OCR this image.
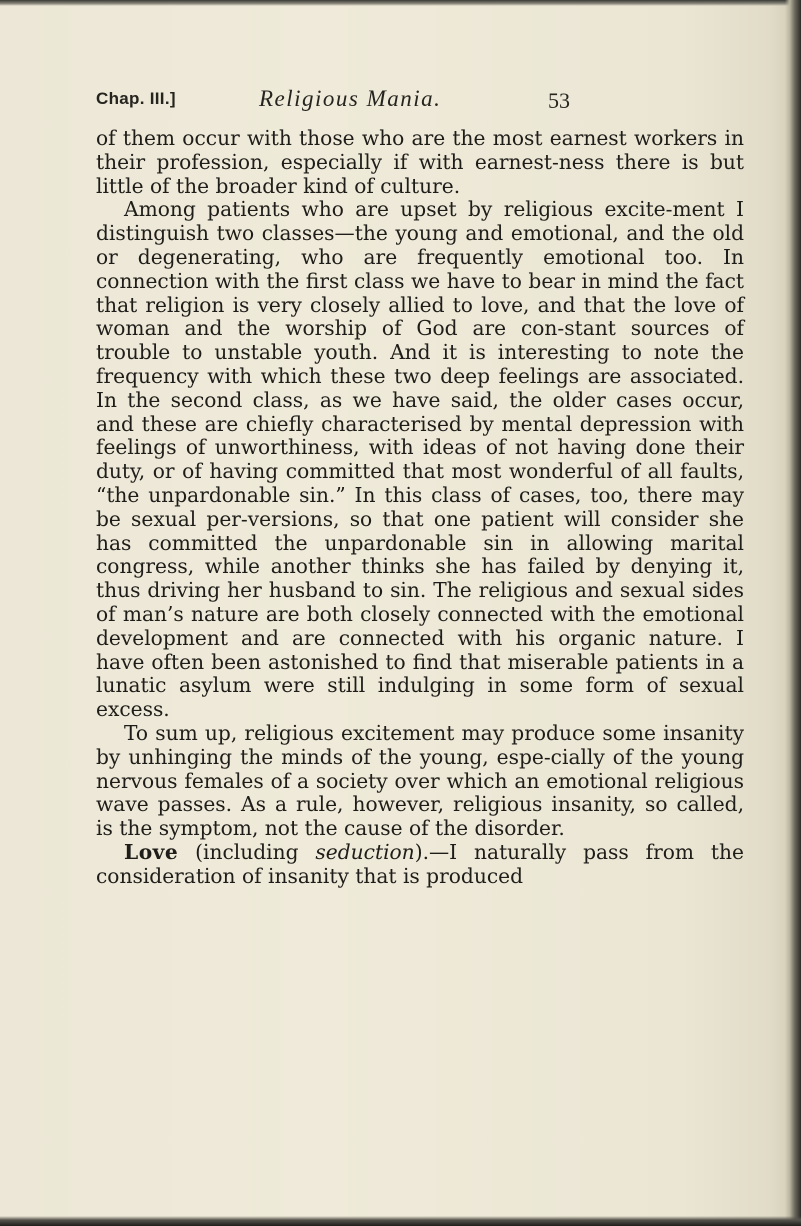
Chap. III.]	Religious Mania.	53

of them occur with those who are the most earnest workers in their profession, especially if with earnest-ness there is but little of the broader kind of culture.

Among patients who are upset by religious excite-ment I distinguish two classes—the young and emotional, and the old or degenerating, who are frequently emotional too. In connection with the first class we have to bear in mind the fact that religion is very closely allied to love, and that the love of woman and the worship of God are con-stant sources of trouble to unstable youth. And it is interesting to note the frequency with which these two deep feelings are associated. In the second class, as we have said, the older cases occur, and these are chiefly characterised by mental depression with feelings of unworthiness, with ideas of not having done their duty, or of having committed that most wonderful of all faults, “the unpardonable sin.” In this class of cases, too, there may be sexual per-versions, so that one patient will consider she has committed the unpardonable sin in allowing marital congress, while another thinks she has failed by denying it, thus driving her husband to sin. The religious and sexual sides of man’s nature are both closely connected with the emotional development and are connected with his organic nature. I have often been astonished to find that miserable patients in a lunatic asylum were still indulging in some form of sexual excess.

To sum up, religious excitement may produce some insanity by unhinging the minds of the young, espe-cially of the young nervous females of a society over which an emotional religious wave passes. As a rule, however, religious insanity, so called, is the symptom, not the cause of the disorder.

Love (including seduction).—I naturally pass from the consideration of insanity that is produced
